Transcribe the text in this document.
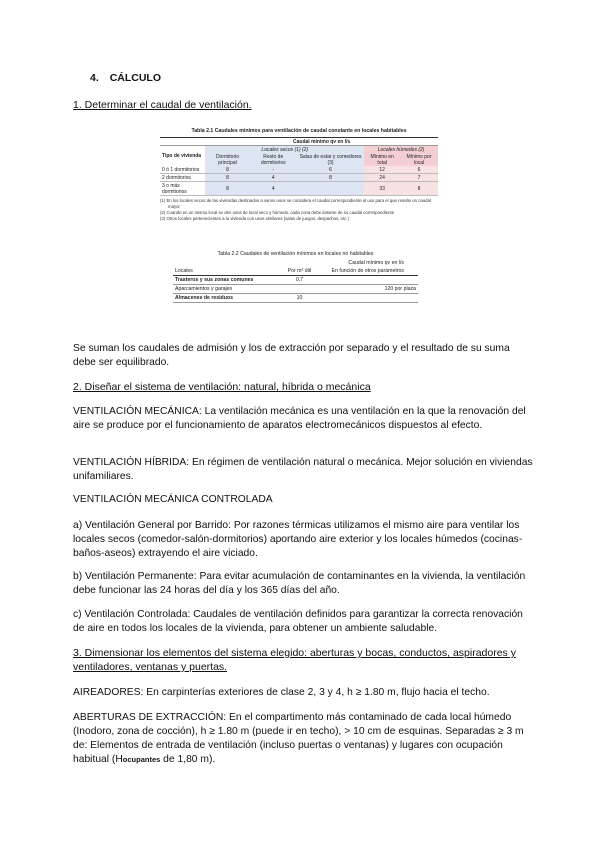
4. CÁLCULO
1. Determinar el caudal de ventilación.
Tabla 2.1 Caudales mínimos para ventilación de caudal constante en locales habitables
	Caudal mínimo qv en l/s				
Tipo de vivienda	Locales secos (1) (2)			Locales húmedos (2)	
	Dormitorio principal	Resto de dormitorios	Salas de estar y comedores (3)	Mínimo en total	Mínimo por local
0 ó 1 dormitorios	8	-	6	12	6
2 dormitorios	8	4	8	24	7
3 o más dormitorios	8	4		33	8
(1) En los locales secos de las viviendas destinados a varios usos se considera el caudal correspondiente al uso para el que resulte un caudal mayor
(2) Cuando en un mismo local se den usos de local seco y húmedo, cada zona debe dotarse de su caudal correspondiente
(3) Otros locales pertenecientes a la vivienda con usos similares (salas de juegos, despachos, etc.)
Tabla 2.2 Caudales de ventilación mínimos en locales no habitables
	Caudal mínimo qv en l/s	
Locales	Por m² útil	En función de otros parámetros
Trasteros y sus zonas comunes	0,7	
Aparcamientos y garajes		120 por plaza
Almacenes de residuos	10	
Se suman los caudales de admisión y los de extracción por separado y el resultado de su suma debe ser equilibrado.
2. Diseñar el sistema de ventilación: natural, híbrida o mecánica
VENTILACIÓN MECÁNICA: La ventilación mecánica es una ventilación en la que la renovación del aire se produce por el funcionamiento de aparatos electromecánicos dispuestos al efecto.
VENTILACIÓN HÍBRIDA: En régimen de ventilación natural o mecánica. Mejor solución en viviendas unifamiliares.
VENTILACIÓN MECÁNICA CONTROLADA
a) Ventilación General por Barrido: Por razones térmicas utilizamos el mismo aire para ventilar los locales secos (comedor-salón-dormitorios) aportando aire exterior y los locales húmedos (cocinas-baños-aseos) extrayendo el aire viciado.
b) Ventilación Permanente: Para evitar acumulación de contaminantes en la vivienda, la ventilación debe funcionar las 24 horas del día y los 365 días del año.
c) Ventilación Controlada: Caudales de ventilación definidos para garantizar la correcta renovación de aire en todos los locales de la vivienda, para obtener un ambiente saludable.
3. Dimensionar los elementos del sistema elegido: aberturas y bocas, conductos, aspiradores y ventiladores, ventanas y puertas.
AIREADORES: En carpinterías exteriores de clase 2, 3 y 4, h ≥ 1.80 m, flujo hacia el techo.
ABERTURAS DE EXTRACCIÓN: En el compartimento más contaminado de cada local húmedo (Inodoro, zona de cocción), h ≥ 1.80 m (puede ir en techo), > 10 cm de esquinas. Separadas ≥ 3 m de: Elementos de entrada de ventilación (incluso puertas o ventanas) y lugares con ocupación habitual (Hocupantes de 1,80 m).
